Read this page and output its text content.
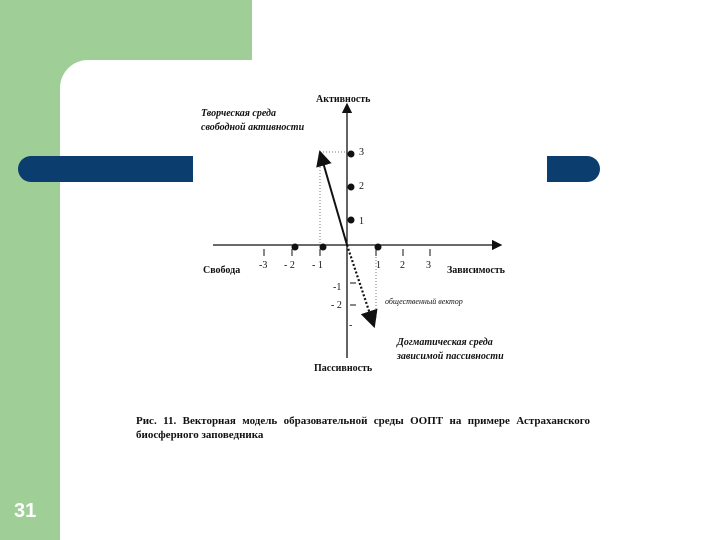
Активность
Пассивность
Свобода	Зависимость
-3 - 2 - 1	1 2 3
3
2
1
-1
- 2
-
Творческая среда
свободной активности
Догматическая среда
зависимой пассивности
общественный вектор
Рис. 11. Векторная модель образовательной среды ООПТ на примере Астраханского биосферного заповедника
31
